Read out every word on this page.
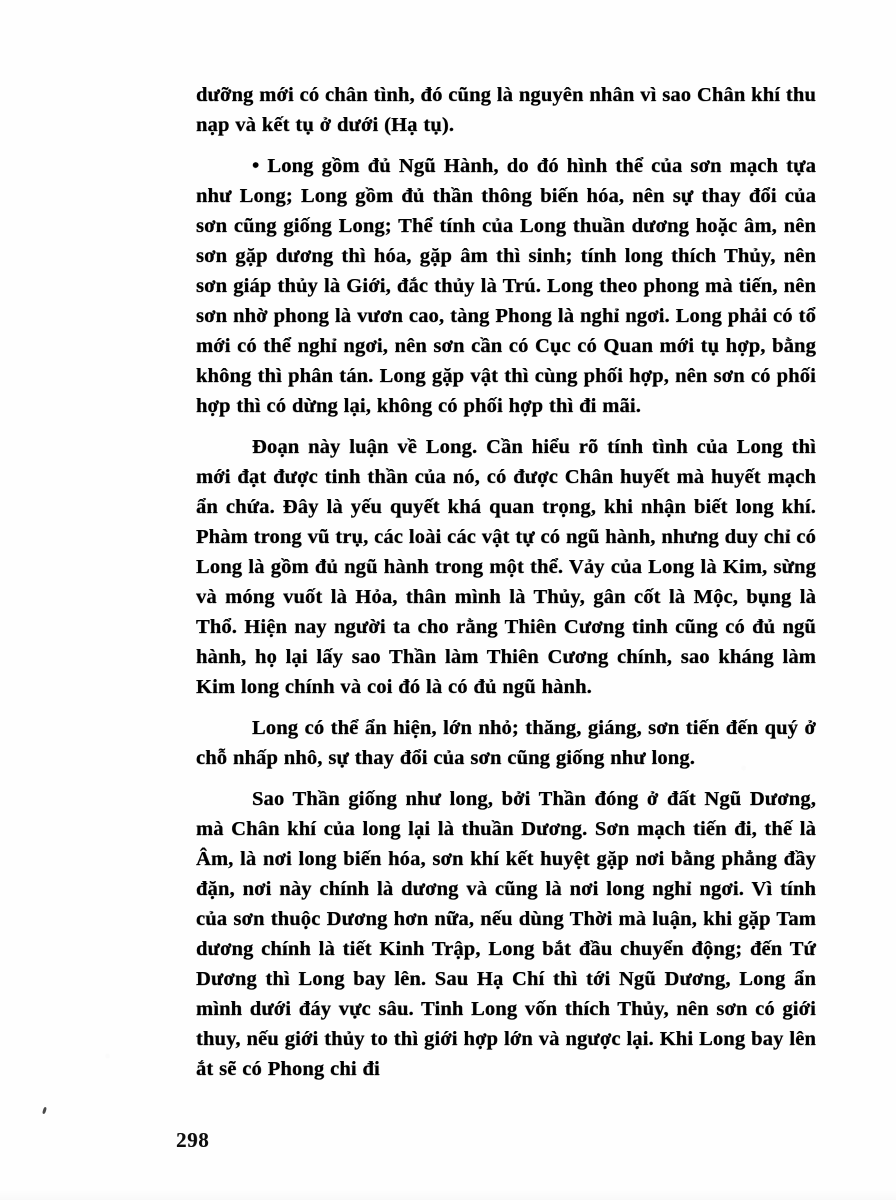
dưỡng mới có chân tình, đó cũng là nguyên nhân vì sao Chân khí thu nạp và kết tụ ở dưới (Hạ tụ).

• Long gồm đủ Ngũ Hành, do đó hình thể của sơn mạch tựa như Long; Long gồm đủ thần thông biến hóa, nên sự thay đổi của sơn cũng giống Long; Thể tính của Long thuần dương hoặc âm, nên sơn gặp dương thì hóa, gặp âm thì sinh; tính long thích Thủy, nên sơn giáp thủy là Giới, đắc thủy là Trú. Long theo phong mà tiến, nên sơn nhờ phong là vươn cao, tàng Phong là nghỉ ngơi. Long phải có tổ mới có thể nghỉ ngơi, nên sơn cần có Cục có Quan mới tụ hợp, bằng không thì phân tán. Long gặp vật thì cùng phối hợp, nên sơn có phối hợp thì có dừng lại, không có phối hợp thì đi mãi.

Đoạn này luận về Long. Cần hiểu rõ tính tình của Long thì mới đạt được tinh thần của nó, có được Chân huyết mà huyết mạch ẩn chứa. Đây là yếu quyết khá quan trọng, khi nhận biết long khí. Phàm trong vũ trụ, các loài các vật tự có ngũ hành, nhưng duy chỉ có Long là gồm đủ ngũ hành trong một thể. Vảy của Long là Kim, sừng và móng vuốt là Hỏa, thân mình là Thủy, gân cốt là Mộc, bụng là Thổ. Hiện nay người ta cho rằng Thiên Cương tinh cũng có đủ ngũ hành, họ lại lấy sao Thần làm Thiên Cương chính, sao kháng làm Kim long chính và coi đó là có đủ ngũ hành.

Long có thể ẩn hiện, lớn nhỏ; thăng, giáng, sơn tiến đến quý ở chỗ nhấp nhô, sự thay đổi của sơn cũng giống như long.

Sao Thần giống như long, bởi Thần đóng ở đất Ngũ Dương, mà Chân khí của long lại là thuần Dương. Sơn mạch tiến đi, thế là Âm, là nơi long biến hóa, sơn khí kết huyệt gặp nơi bằng phẳng đầy đặn, nơi này chính là dương và cũng là nơi long nghỉ ngơi. Vì tính của sơn thuộc Dương hơn nữa, nếu dùng Thời mà luận, khi gặp Tam dương chính là tiết Kinh Trập, Long bắt đầu chuyển động; đến Tứ Dương thì Long bay lên. Sau Hạ Chí thì tới Ngũ Dương, Long ẩn mình dưới đáy vực sâu. Tinh Long vốn thích Thủy, nên sơn có giới thuy, nếu giới thủy to thì giới hợp lớn và ngược lại. Khi Long bay lên ắt sẽ có Phong chi đi

298
